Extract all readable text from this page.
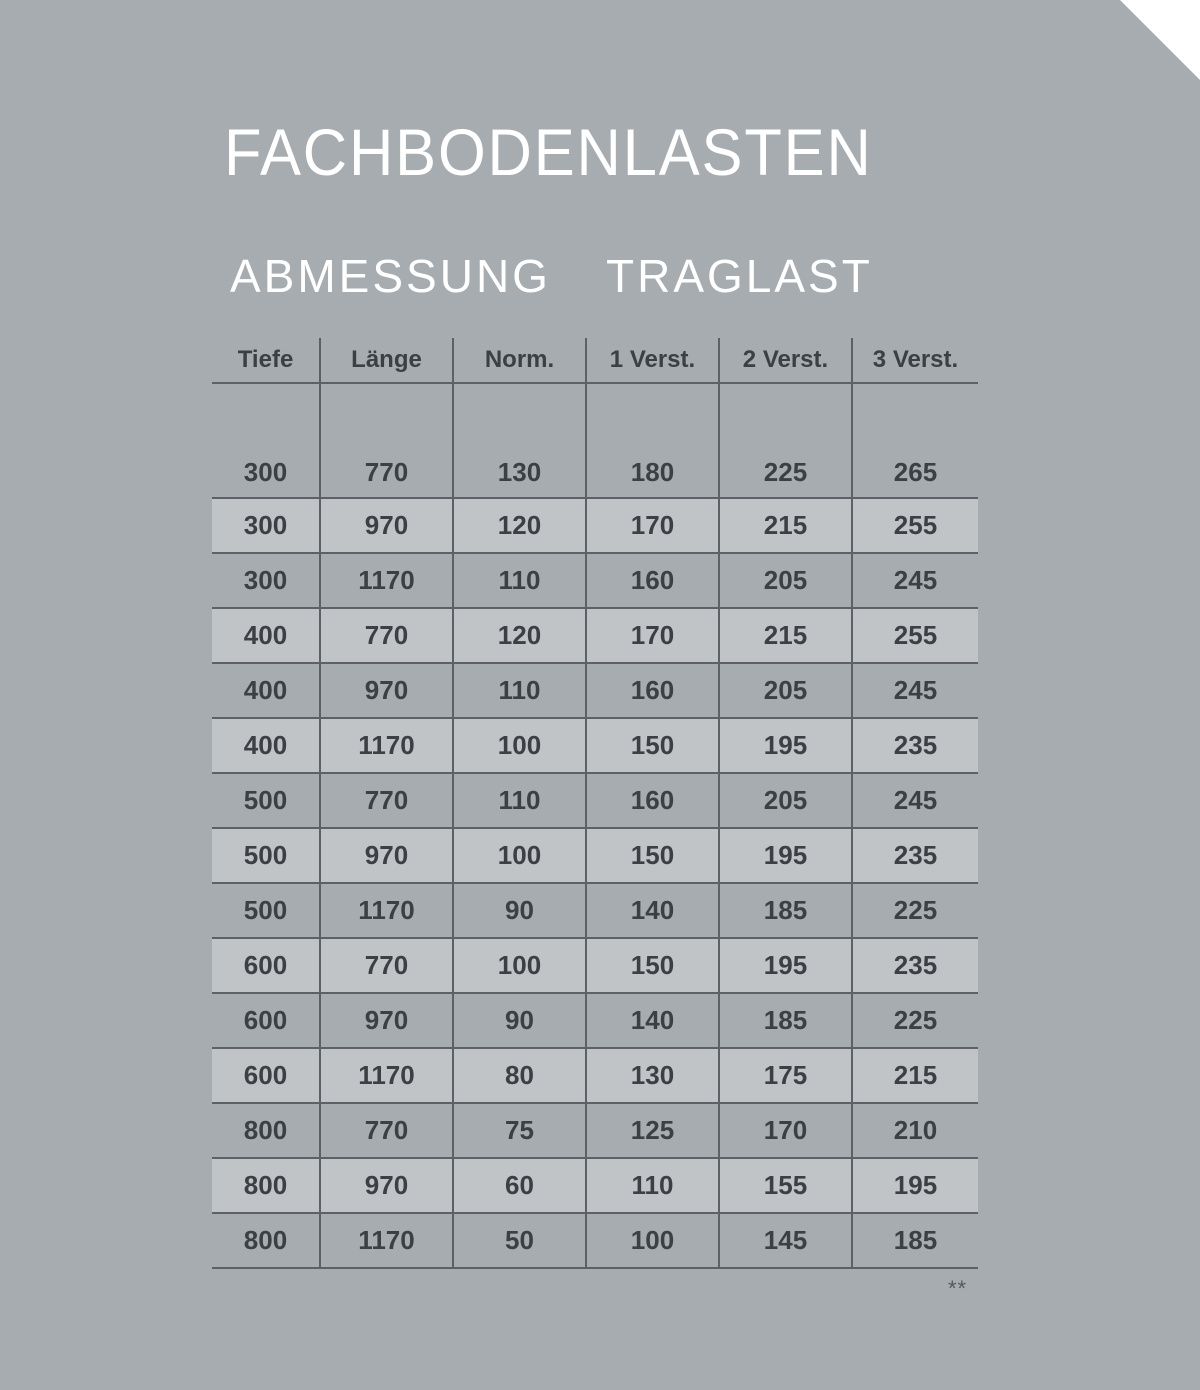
FACHBODENLASTEN
ABMESSUNG TRAGLAST
Tiefe	Länge	Norm.	1 Verst.	2 Verst.	3 Verst.
300	770	130	180	225	265
300	970	120	170	215	255
300	1170	110	160	205	245
400	770	120	170	215	255
400	970	110	160	205	245
400	1170	100	150	195	235
500	770	110	160	205	245
500	970	100	150	195	235
500	1170	90	140	185	225
600	770	100	150	195	235
600	970	90	140	185	225
600	1170	80	130	175	215
800	770	75	125	170	210
800	970	60	110	155	195
800	1170	50	100	145	185
**
